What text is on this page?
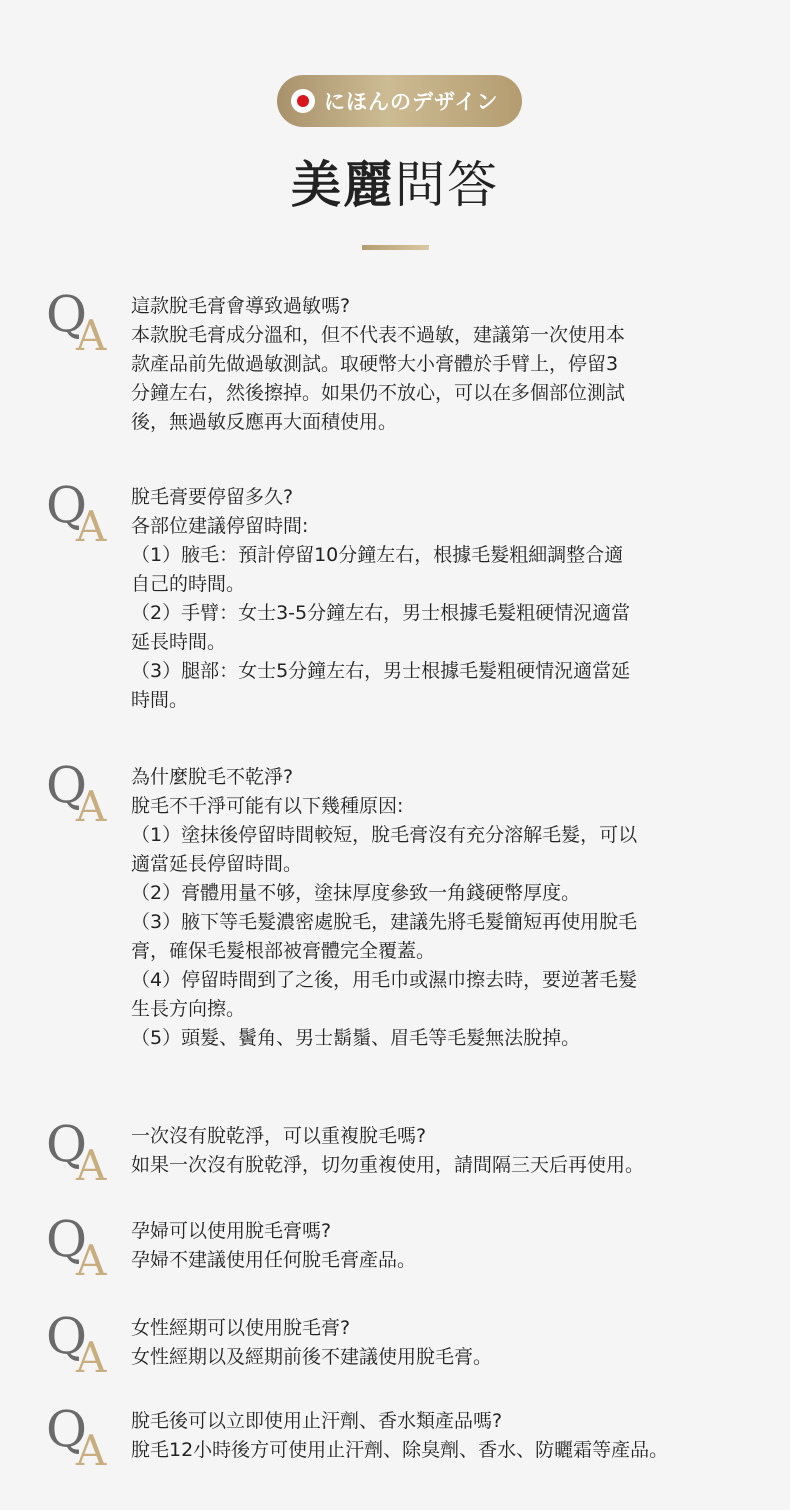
にほんのデザイン
美麗問答
Q
A
這款脫毛膏會導致過敏嗎?
本款脫毛膏成分溫和，但不代表不過敏，建議第一次使用本
款產品前先做過敏測試。取硬幣大小膏體於手臂上，停留3
分鐘左右，然後擦掉。如果仍不放心，可以在多個部位測試
後，無過敏反應再大面積使用。
Q
A
脫毛膏要停留多久?
各部位建議停留時間:
（1）腋毛：預計停留10分鐘左右，根據毛髮粗細調整合適
自己的時間。
（2）手臂：女士3-5分鐘左右，男士根據毛髮粗硬情況適當
延長時間。
（3）腿部：女士5分鐘左右，男士根據毛髮粗硬情況適當延
時間。
Q
A
為什麼脫毛不乾淨?
脫毛不千淨可能有以下幾種原因:
（1）塗抹後停留時間較短，脫毛膏沒有充分溶解毛髮，可以
適當延長停留時間。
（2）膏體用量不够，塗抹厚度參致一角錢硬幣厚度。
（3）腋下等毛髮濃密處脫毛，建議先將毛髮簡短再使用脫毛
膏，確保毛髮根部被膏體完全覆蓋。
（4）停留時間到了之後，用毛巾或濕巾擦去時，要逆著毛髮
生長方向擦。
（5）頭髮、鬢角、男士鬍鬚、眉毛等毛髮無法脫掉。
Q
A
一次沒有脫乾淨，可以重複脫毛嗎?
如果一次沒有脫乾淨，切勿重複使用，請間隔三天后再使用。
Q
A
孕婦可以使用脫毛膏嗎?
孕婦不建議使用任何脫毛膏產品。
Q
A
女性經期可以使用脫毛膏?
女性經期以及經期前後不建議使用脫毛膏。
Q
A
脫毛後可以立即使用止汗劑、香水類產品嗎?
脫毛12小時後方可使用止汗劑、除臭劑、香水、防曬霜等產品。
